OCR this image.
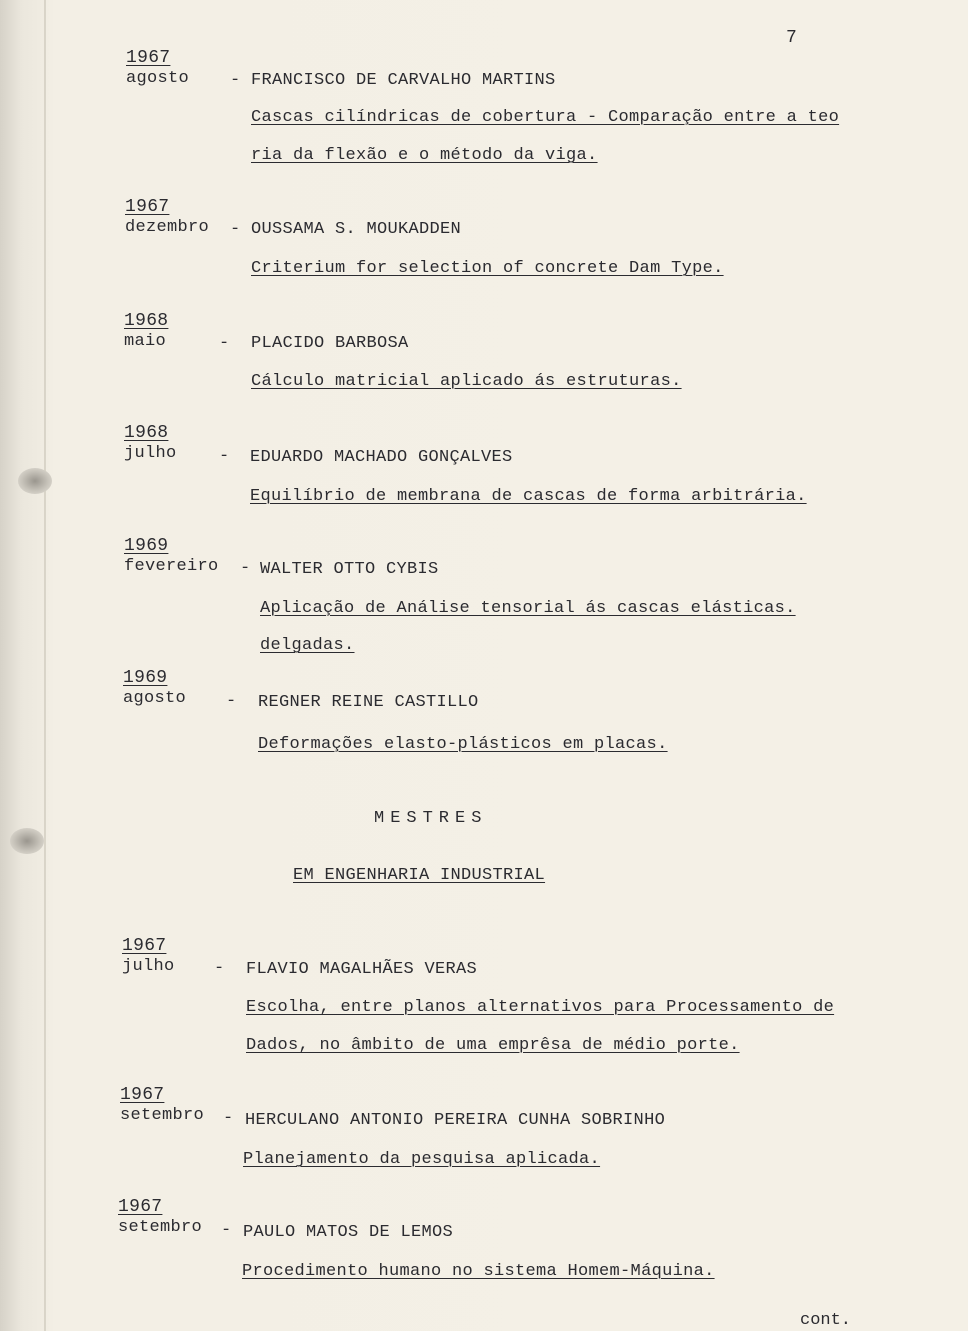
7
1967
agosto - FRANCISCO DE CARVALHO MARTINS
Cascas cilíndricas de cobertura - Comparação entre a teo
ria da flexão e o método da viga.
1967
dezembro - OUSSAMA S. MOUKADDEN
Criterium for selection of concrete Dam Type.
1968
maio	- PLACIDO BARBOSA
Cálculo matricial aplicado ás estruturas.
1968
julho - EDUARDO MACHADO GONÇALVES
Equilíbrio de membrana de cascas de forma arbitrária.
1969
fevereiro - WALTER OTTO CYBIS
Aplicação de Análise tensorial ás cascas elásticas.
delgadas.
1969
agosto - REGNER REINE CASTILLO
Deformações elasto-plásticos em placas.
MESTRES
EM ENGENHARIA INDUSTRIAL
1967
julho - FLAVIO MAGALHÃES VERAS
Escolha, entre planos alternativos para Processamento de
Dados, no âmbito de uma emprêsa de médio porte.
1967
setembro - HERCULANO ANTONIO PEREIRA CUNHA SOBRINHO
Planejamento da pesquisa aplicada.
1967
setembro - PAULO MATOS DE LEMOS
Procedimento humano no sistema Homem-Máquina.
cont.
